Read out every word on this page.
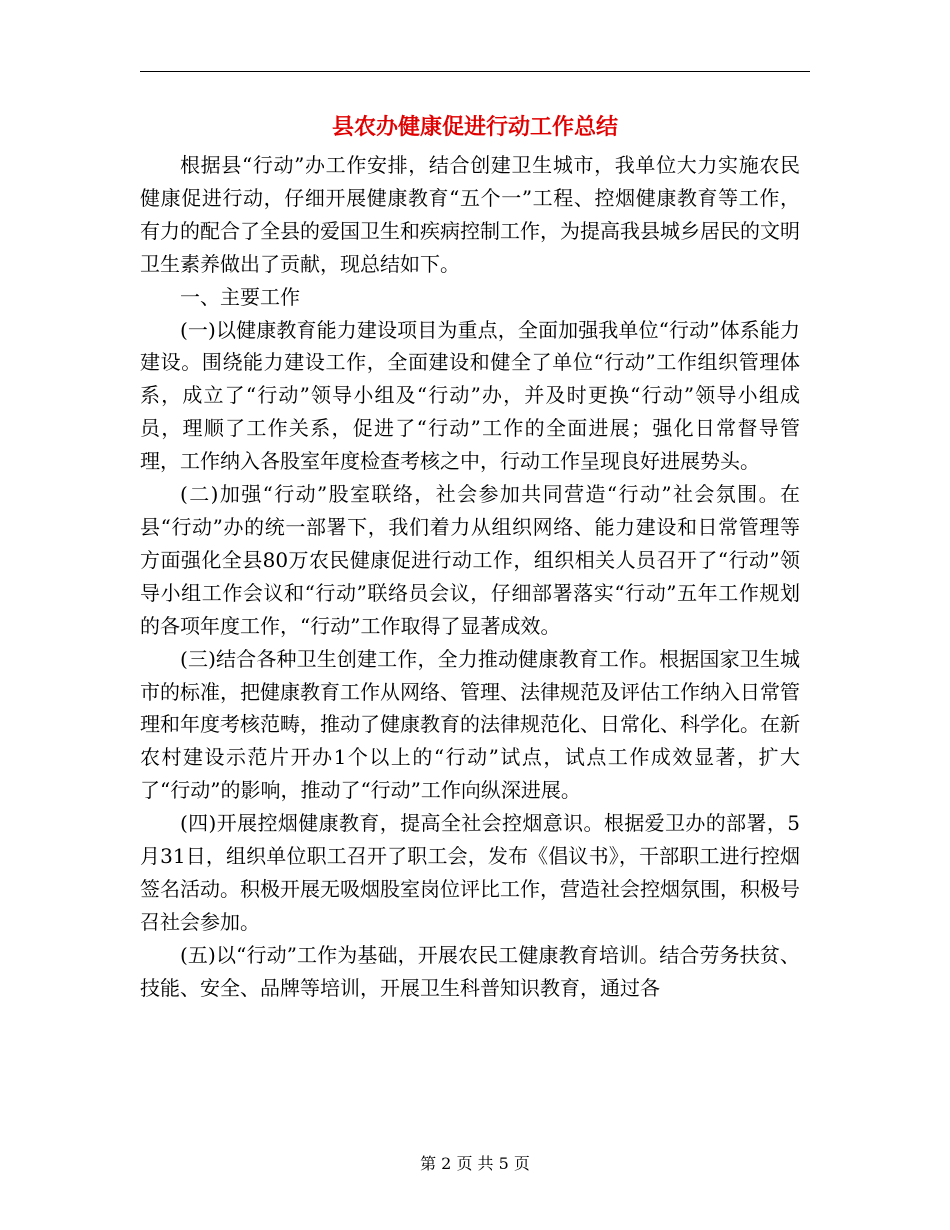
县农办健康促进行动工作总结

根据县“行动”办工作安排，结合创建卫生城市，我单位大力实施农民健康促进行动，仔细开展健康教育“五个一”工程、控烟健康教育等工作，有力的配合了全县的爱国卫生和疾病控制工作，为提高我县城乡居民的文明卫生素养做出了贡献，现总结如下。

一、主要工作

(一)以健康教育能力建设项目为重点，全面加强我单位“行动”体系能力建设。围绕能力建设工作，全面建设和健全了单位“行动”工作组织管理体系，成立了“行动”领导小组及“行动”办，并及时更换“行动”领导小组成员，理顺了工作关系，促进了“行动”工作的全面进展；强化日常督导管理，工作纳入各股室年度检查考核之中，行动工作呈现良好进展势头。

(二)加强“行动”股室联络，社会参加共同营造“行动”社会氛围。在县“行动”办的统一部署下，我们着力从组织网络、能力建设和日常管理等方面强化全县80万农民健康促进行动工作，组织相关人员召开了“行动”领导小组工作会议和“行动”联络员会议，仔细部署落实“行动”五年工作规划的各项年度工作，“行动”工作取得了显著成效。

(三)结合各种卫生创建工作，全力推动健康教育工作。根据国家卫生城市的标准，把健康教育工作从网络、管理、法律规范及评估工作纳入日常管理和年度考核范畴，推动了健康教育的法律规范化、日常化、科学化。在新农村建设示范片开办1个以上的“行动”试点，试点工作成效显著，扩大了“行动”的影响，推动了“行动”工作向纵深进展。

(四)开展控烟健康教育，提高全社会控烟意识。根据爱卫办的部署，5月31日，组织单位职工召开了职工会，发布《倡议书》，干部职工进行控烟签名活动。积极开展无吸烟股室岗位评比工作，营造社会控烟氛围，积极号召社会参加。

(五)以“行动”工作为基础，开展农民工健康教育培训。结合劳务扶贫、技能、安全、品牌等培训，开展卫生科普知识教育，通过各

第 2 页 共 5 页
